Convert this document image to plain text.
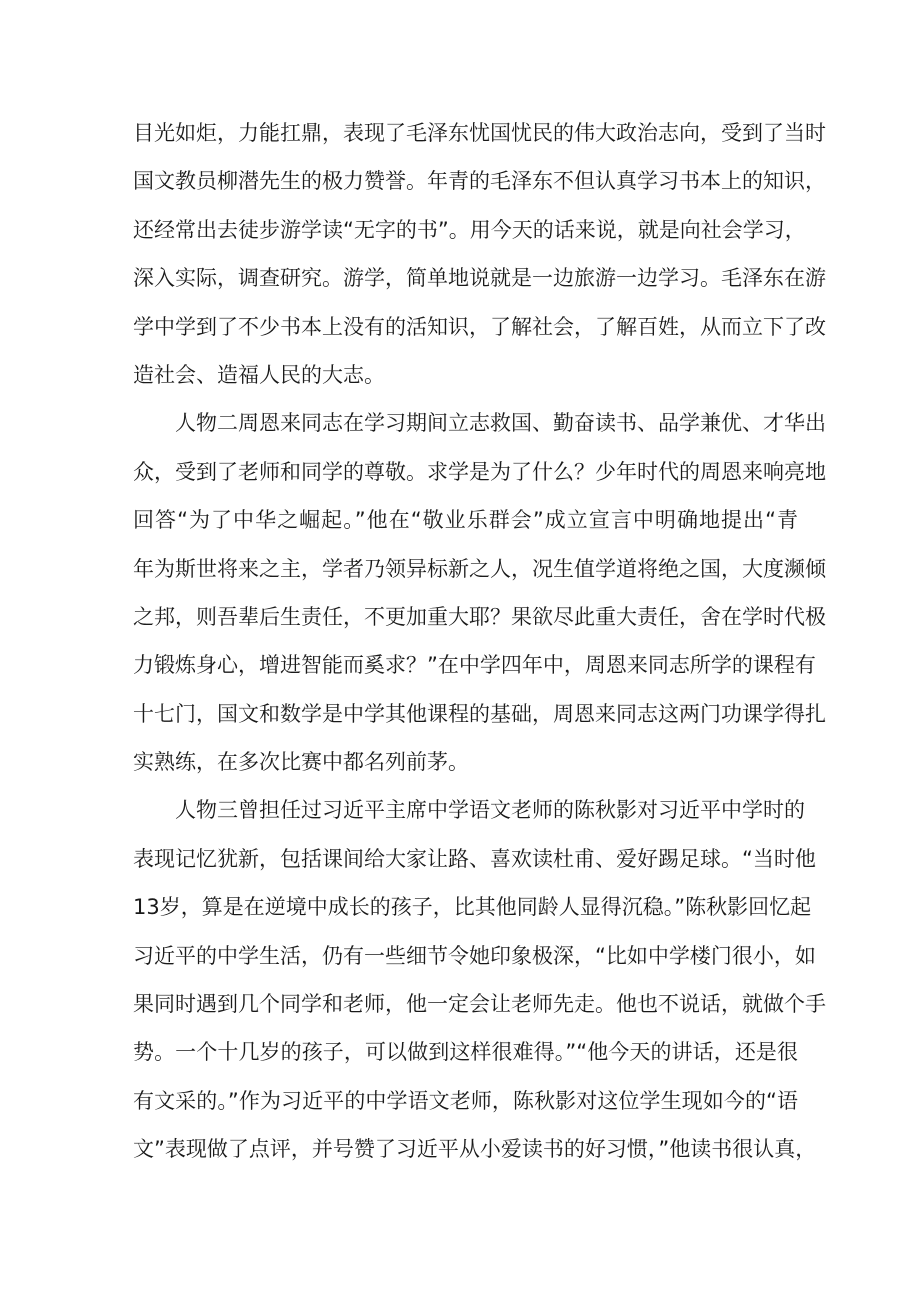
目光如炬，力能扛鼎，表现了毛泽东忧国忧民的伟大政治志向，受到了当时
国文教员柳潜先生的极力赞誉。年青的毛泽东不但认真学习书本上的知识，
还经常出去徒步游学读“无字的书”。用今天的话来说，就是向社会学习，
深入实际，调查研究。游学，简单地说就是一边旅游一边学习。毛泽东在游
学中学到了不少书本上没有的活知识，了解社会，了解百姓，从而立下了改
造社会、造福人民的大志。
人物二周恩来同志在学习期间立志救国、勤奋读书、品学兼优、才华出
众，受到了老师和同学的尊敬。求学是为了什么？少年时代的周恩来响亮地
回答“为了中华之崛起。”他在“敬业乐群会”成立宣言中明确地提出“青
年为斯世将来之主，学者乃领异标新之人，况生值学道将绝之国，大度濒倾
之邦，则吾辈后生责任，不更加重大耶？果欲尽此重大责任，舍在学时代极
力锻炼身心，增进智能而奚求？”在中学四年中，周恩来同志所学的课程有
十七门，国文和数学是中学其他课程的基础，周恩来同志这两门功课学得扎
实熟练，在多次比赛中都名列前茅。
人物三曾担任过习近平主席中学语文老师的陈秋影对习近平中学时的
表现记忆犹新，包括课间给大家让路、喜欢读杜甫、爱好踢足球。“当时他
13岁，算是在逆境中成长的孩子，比其他同龄人显得沉稳。”陈秋影回忆起
习近平的中学生活，仍有一些细节令她印象极深，“比如中学楼门很小，如
果同时遇到几个同学和老师，他一定会让老师先走。他也不说话，就做个手
势。一个十几岁的孩子，可以做到这样很难得。”“他今天的讲话，还是很
有文采的。”作为习近平的中学语文老师，陈秋影对这位学生现如今的“语
文”表现做了点评，并号赞了习近平从小爱读书的好习惯，”他读书很认真，
